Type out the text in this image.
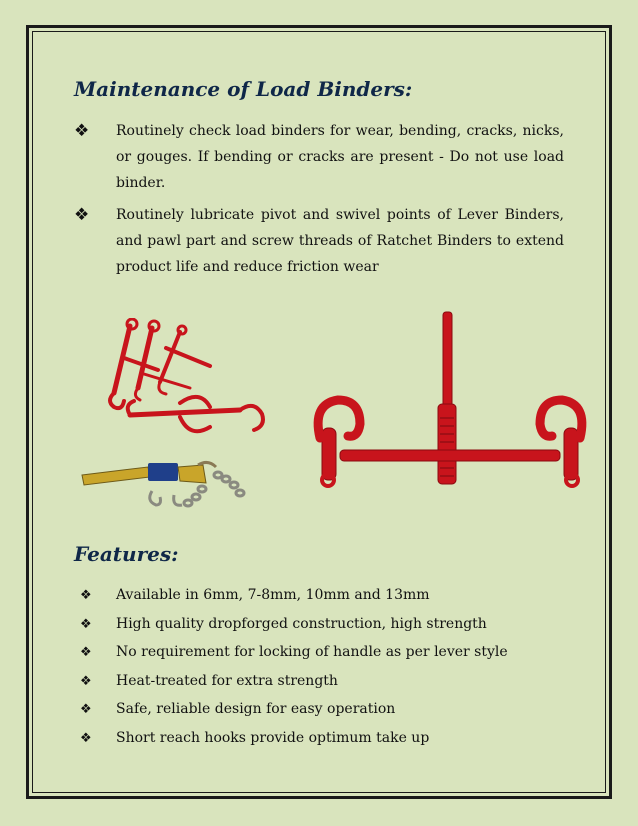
Maintenance of Load Binders:
❖ Routinely check load binders for wear, bending, cracks, nicks, or gouges. If bending or cracks are present - Do not use load binder.
❖ Routinely lubricate pivot and swivel points of Lever Binders, and pawl part and screw threads of Ratchet Binders to extend product life and reduce friction wear
Features:
❖ Available in 6mm, 7-8mm, 10mm and 13mm
❖ High quality dropforged construction, high strength
❖ No requirement for locking of handle as per lever style
❖ Heat-treated for extra strength
❖ Safe, reliable design for easy operation
❖ Short reach hooks provide optimum take up
